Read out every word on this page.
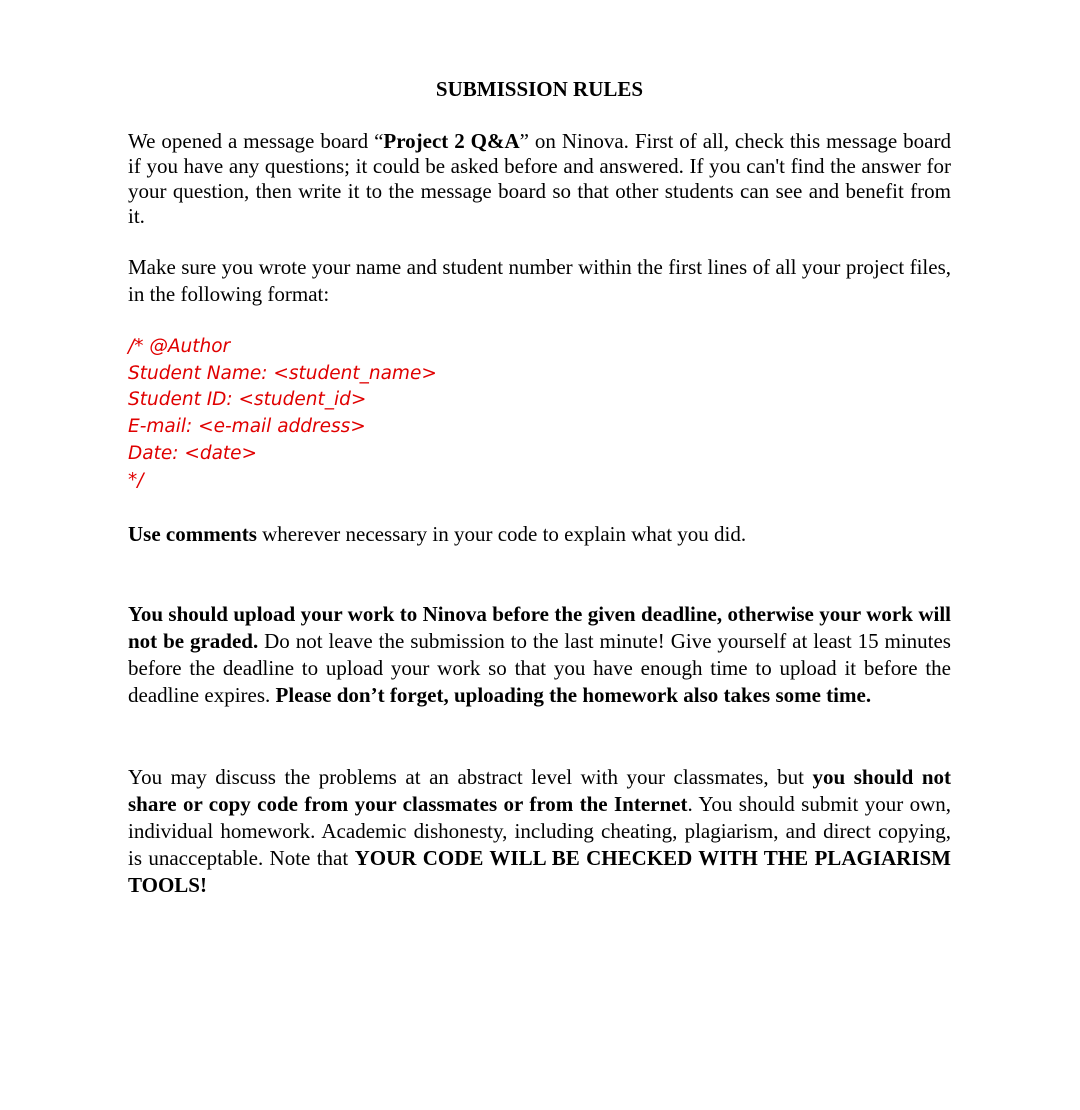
SUBMISSION RULES

We opened a message board “Project 2 Q&A” on Ninova. First of all, check this message board if you have any questions; it could be asked before and answered. If you can't find the answer for your question, then write it to the message board so that other students can see and benefit from it.

Make sure you wrote your name and student number within the first lines of all your project files, in the following format:

/* @Author
Student Name: <student_name>
Student ID: <student_id>
E-mail: <e-mail address>
Date: <date>
*/

Use comments wherever necessary in your code to explain what you did.

You should upload your work to Ninova before the given deadline, otherwise your work will not be graded. Do not leave the submission to the last minute! Give yourself at least 15 minutes before the deadline to upload your work so that you have enough time to upload it before the deadline expires. Please don’t forget, uploading the homework also takes some time.

You may discuss the problems at an abstract level with your classmates, but you should not share or copy code from your classmates or from the Internet. You should submit your own, individual homework. Academic dishonesty, including cheating, plagiarism, and direct copying, is unacceptable. Note that YOUR CODE WILL BE CHECKED WITH THE PLAGIARISM TOOLS!
